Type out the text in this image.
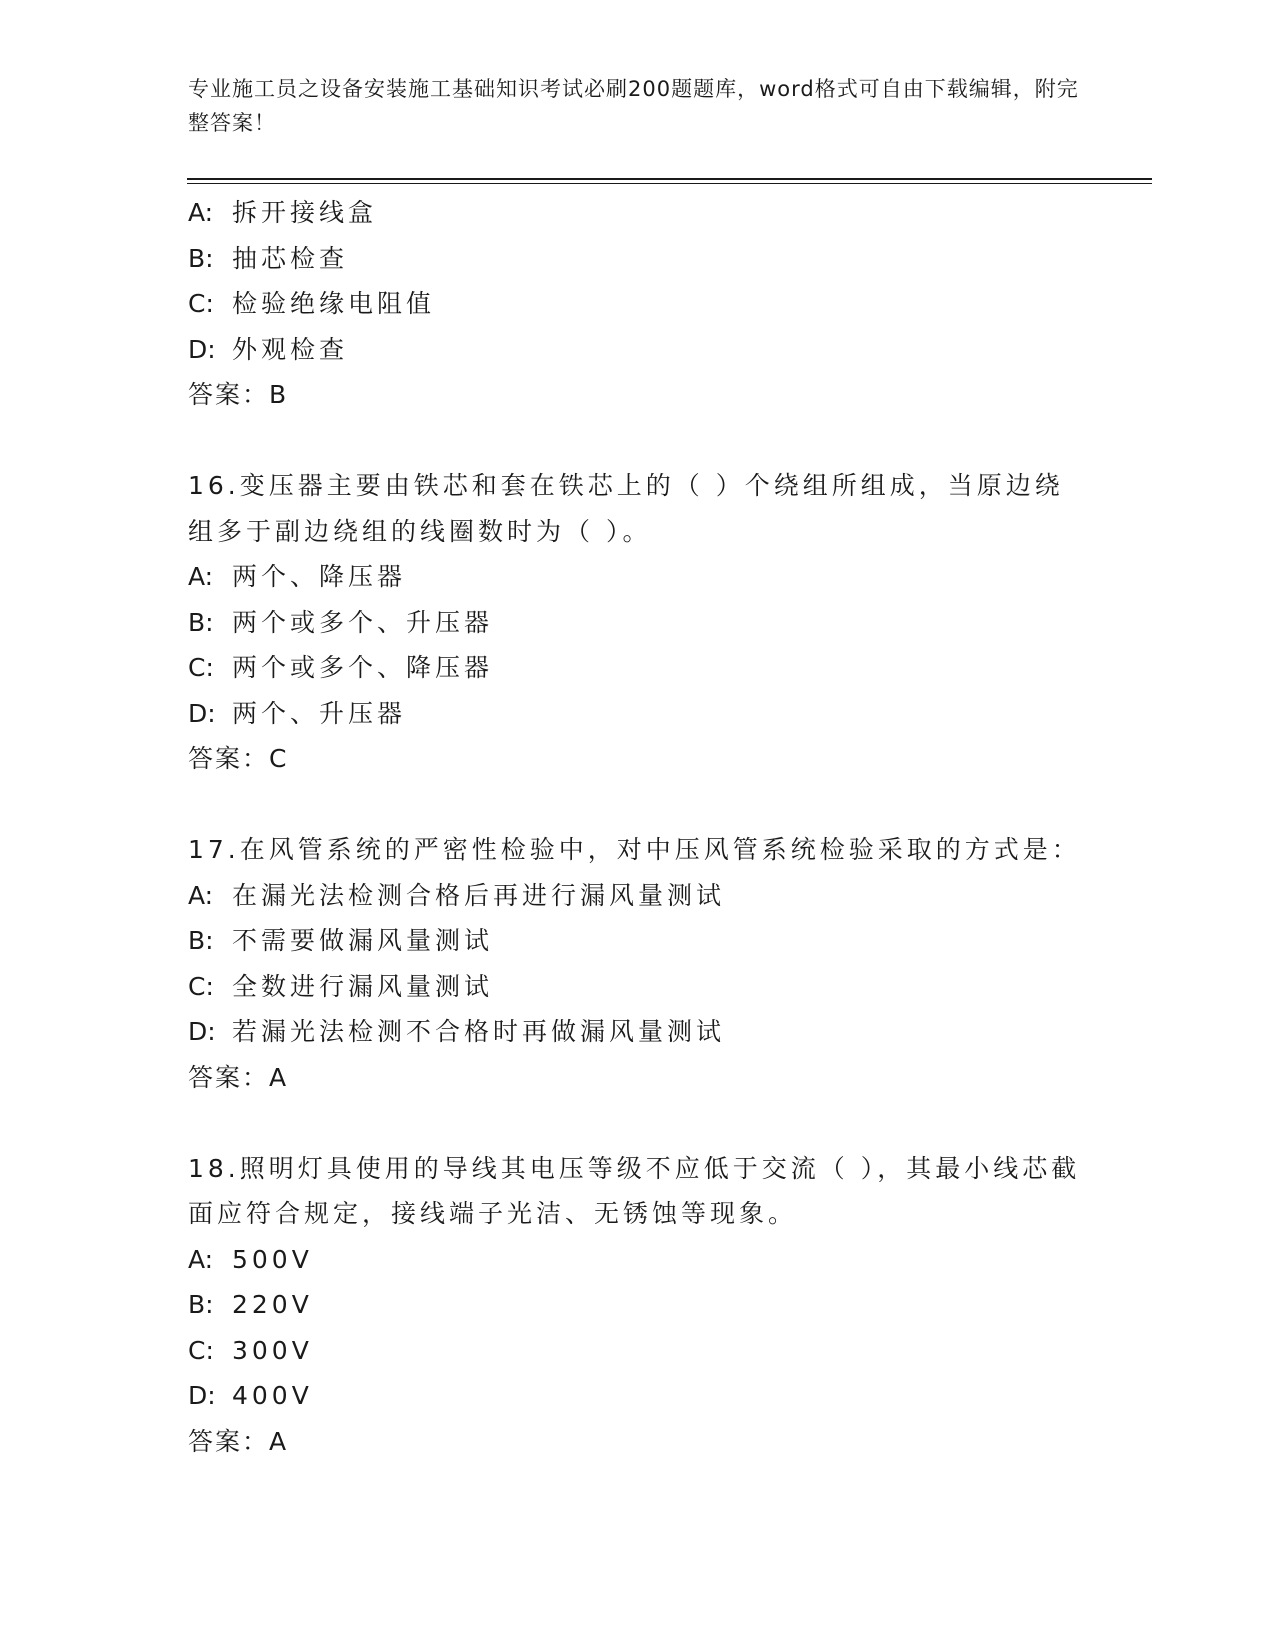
专业施工员之设备安装施工基础知识考试必刷200题题库，word格式可自由下载编辑，附完整答案！
A: 拆开接线盒
B: 抽芯检查
C: 检验绝缘电阻值
D: 外观检查
答案：B
16.变压器主要由铁芯和套在铁芯上的（ ）个绕组所组成，当原边绕组多于副边绕组的线圈数时为（ ）。
A: 两个、降压器
B: 两个或多个、升压器
C: 两个或多个、降压器
D: 两个、升压器
答案：C
17.在风管系统的严密性检验中，对中压风管系统检验采取的方式是：
A: 在漏光法检测合格后再进行漏风量测试
B: 不需要做漏风量测试
C: 全数进行漏风量测试
D: 若漏光法检测不合格时再做漏风量测试
答案：A
18.照明灯具使用的导线其电压等级不应低于交流（ ），其最小线芯截面应符合规定，接线端子光洁、无锈蚀等现象。
A: 500V
B: 220V
C: 300V
D: 400V
答案：A
